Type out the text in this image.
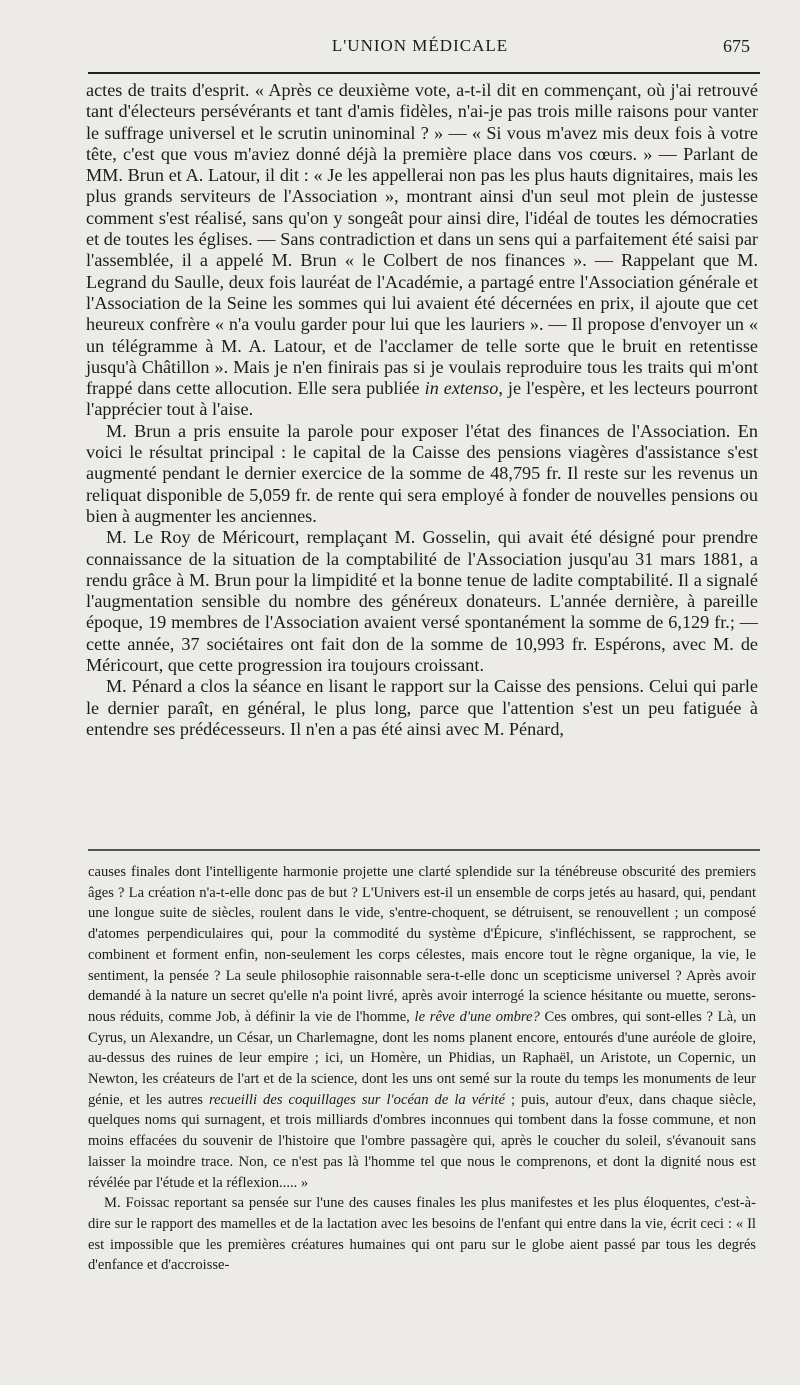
L'UNION MÉDICALE	675

actes de traits d'esprit. « Après ce deuxième vote, a-t-il dit en commençant, où j'ai retrouvé tant d'électeurs persévérants et tant d'amis fidèles, n'ai-je pas trois mille raisons pour vanter le suffrage universel et le scrutin uninominal ? » — « Si vous m'avez mis deux fois à votre tête, c'est que vous m'aviez donné déjà la première place dans vos cœurs. » — Parlant de MM. Brun et A. Latour, il dit : « Je les appellerai non pas les plus hauts dignitaires, mais les plus grands serviteurs de l'Association », montrant ainsi d'un seul mot plein de justesse comment s'est réalisé, sans qu'on y songeât pour ainsi dire, l'idéal de toutes les démocraties et de toutes les églises. — Sans contradiction et dans un sens qui a parfaitement été saisi par l'assemblée, il a appelé M. Brun « le Colbert de nos finances ». — Rappelant que M. Legrand du Saulle, deux fois lauréat de l'Académie, a partagé entre l'Association générale et l'Association de la Seine les sommes qui lui avaient été décernées en prix, il ajoute que cet heureux confrère « n'a voulu garder pour lui que les lauriers ». — Il propose d'envoyer un « un télégramme à M. A. Latour, et de l'acclamer de telle sorte que le bruit en retentisse jusqu'à Châtillon ». Mais je n'en finirais pas si je voulais reproduire tous les traits qui m'ont frappé dans cette allocution. Elle sera publiée in extenso, je l'espère, et les lecteurs pourront l'apprécier tout à l'aise.

M. Brun a pris ensuite la parole pour exposer l'état des finances de l'Association. En voici le résultat principal : le capital de la Caisse des pensions viagères d'assistance s'est augmenté pendant le dernier exercice de la somme de 48,795 fr. Il reste sur les revenus un reliquat disponible de 5,059 fr. de rente qui sera employé à fonder de nouvelles pensions ou bien à augmenter les anciennes.

M. Le Roy de Méricourt, remplaçant M. Gosselin, qui avait été désigné pour prendre connaissance de la situation de la comptabilité de l'Association jusqu'au 31 mars 1881, a rendu grâce à M. Brun pour la limpidité et la bonne tenue de ladite comptabilité. Il a signalé l'augmentation sensible du nombre des généreux donateurs. L'année dernière, à pareille époque, 19 membres de l'Association avaient versé spontanément la somme de 6,129 fr.; — cette année, 37 sociétaires ont fait don de la somme de 10,993 fr. Espérons, avec M. de Méricourt, que cette progression ira toujours croissant.

M. Pénard a clos la séance en lisant le rapport sur la Caisse des pensions. Celui qui parle le dernier paraît, en général, le plus long, parce que l'attention s'est un peu fatiguée à entendre ses prédécesseurs. Il n'en a pas été ainsi avec M. Pénard,

causes finales dont l'intelligente harmonie projette une clarté splendide sur la ténébreuse obscurité des premiers âges ? La création n'a-t-elle donc pas de but ? L'Univers est-il un ensemble de corps jetés au hasard, qui, pendant une longue suite de siècles, roulent dans le vide, s'entre-choquent, se détruisent, se renouvellent ; un composé d'atomes perpendiculaires qui, pour la commodité du système d'Épicure, s'infléchissent, se rapprochent, se combinent et forment enfin, non-seulement les corps célestes, mais encore tout le règne organique, la vie, le sentiment, la pensée ? La seule philosophie raisonnable sera-t-elle donc un scepticisme universel ? Après avoir demandé à la nature un secret qu'elle n'a point livré, après avoir interrogé la science hésitante ou muette, serons-nous réduits, comme Job, à définir la vie de l'homme, le rêve d'une ombre? Ces ombres, qui sont-elles ? Là, un Cyrus, un Alexandre, un César, un Charlemagne, dont les noms planent encore, entourés d'une auréole de gloire, au-dessus des ruines de leur empire ; ici, un Homère, un Phidias, un Raphaël, un Aristote, un Copernic, un Newton, les créateurs de l'art et de la science, dont les uns ont semé sur la route du temps les monuments de leur génie, et les autres recueilli des coquillages sur l'océan de la vérité ; puis, autour d'eux, dans chaque siècle, quelques noms qui surnagent, et trois milliards d'ombres inconnues qui tombent dans la fosse commune, et non moins effacées du souvenir de l'histoire que l'ombre passagère qui, après le coucher du soleil, s'évanouit sans laisser la moindre trace. Non, ce n'est pas là l'homme tel que nous le comprenons, et dont la dignité nous est révélée par l'étude et la réflexion..... »

M. Foissac reportant sa pensée sur l'une des causes finales les plus manifestes et les plus éloquentes, c'est-à-dire sur le rapport des mamelles et de la lactation avec les besoins de l'enfant qui entre dans la vie, écrit ceci : « Il est impossible que les premières créatures humaines qui ont paru sur le globe aient passé par tous les degrés d'enfance et d'accroisse-
